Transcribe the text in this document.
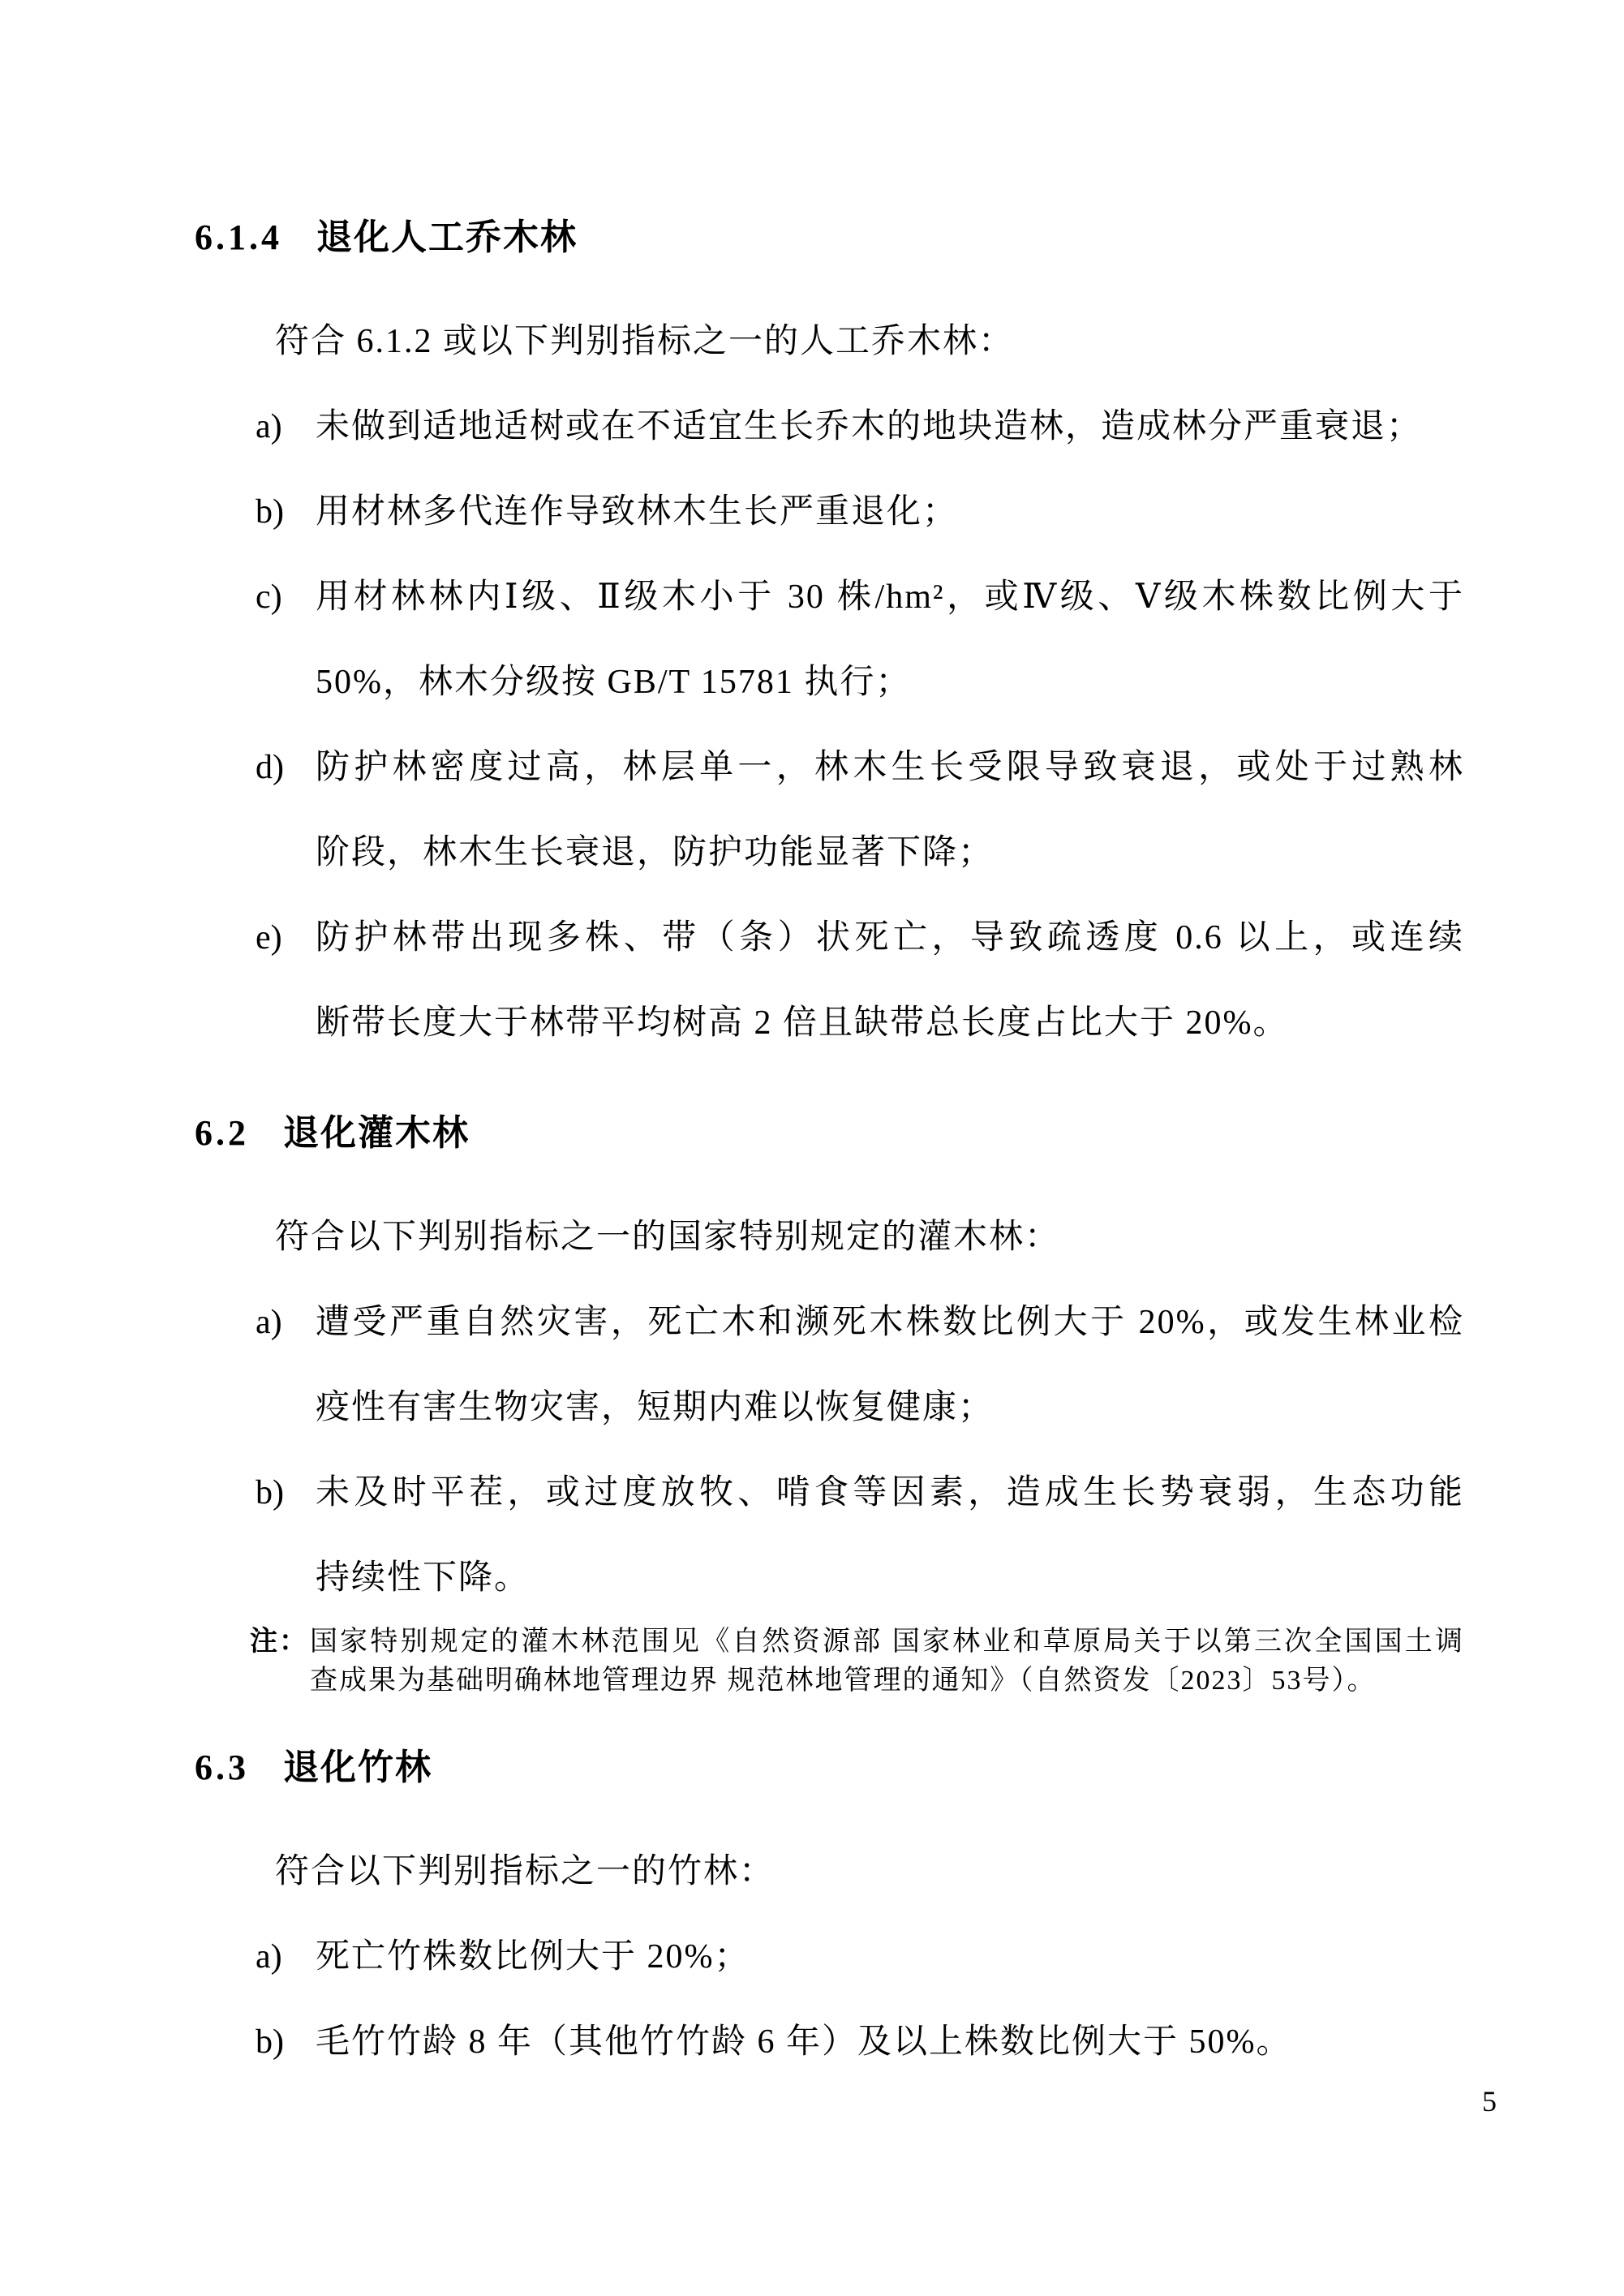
6.1.4 退化人工乔木林

符合 6.1.2 或以下判别指标之一的人工乔木林：

a) 未做到适地适树或在不适宜生长乔木的地块造林，造成林分严重衰退；
b) 用材林多代连作导致林木生长严重退化；
c) 用材林林内Ⅰ级、Ⅱ级木小于 30 株/hm²，或Ⅳ级、Ⅴ级木株数比例大于
50%，林木分级按 GB/T 15781 执行；
d) 防护林密度过高，林层单一，林木生长受限导致衰退，或处于过熟林
阶段，林木生长衰退，防护功能显著下降；
e) 防护林带出现多株、带（条）状死亡，导致疏透度 0.6 以上，或连续
断带长度大于林带平均树高 2 倍且缺带总长度占比大于 20%。
6.2 退化灌木林

符合以下判别指标之一的国家特别规定的灌木林：

a) 遭受严重自然灾害，死亡木和濒死木株数比例大于 20%，或发生林业检
疫性有害生物灾害，短期内难以恢复健康；
b) 未及时平茬，或过度放牧、啃食等因素，造成生长势衰弱，生态功能
持续性下降。
注： 国家特别规定的灌木林范围见《自然资源部 国家林业和草原局关于以第三次全国国土调
查成果为基础明确林地管理边界 规范林地管理的通知》（自然资发〔2023〕53号）。
6.3 退化竹林

符合以下判别指标之一的竹林：

a) 死亡竹株数比例大于 20%；
b) 毛竹竹龄 8 年（其他竹竹龄 6 年）及以上株数比例大于 50%。
5
